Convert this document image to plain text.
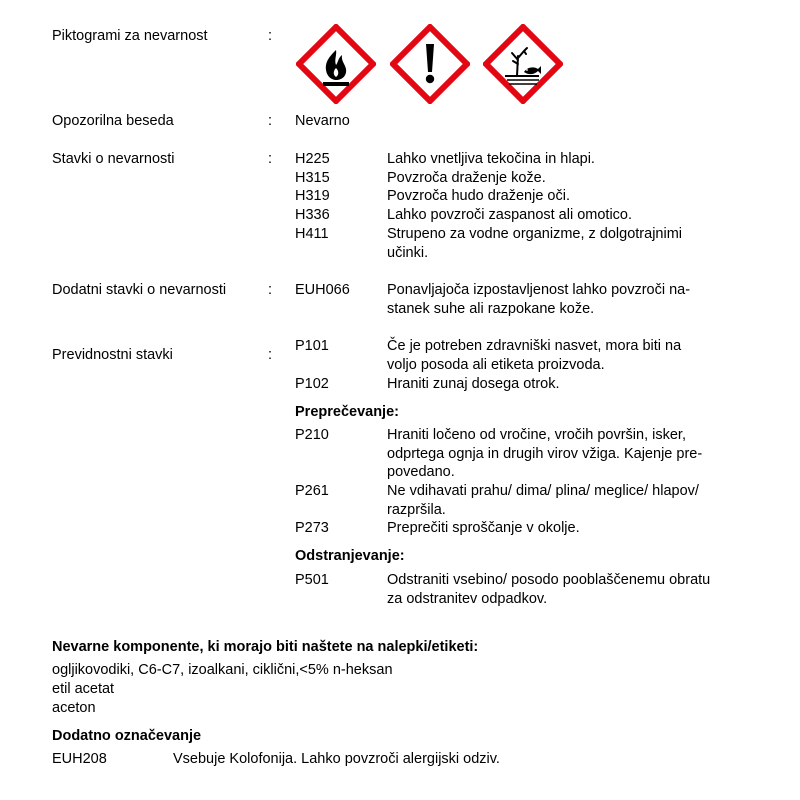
Piktogrami za nevarnost	:
Opozorilna beseda	: Nevarno
Stavki o nevarnosti	: H225	Lahko vnetljiva tekočina in hlapi.
H315	Povzroča draženje kože.
H319	Povzroča hudo draženje oči.
H336	Lahko povzroči zaspanost ali omotico.
H411	Strupeno za vodne organizme, z dolgotrajnimi
učinki.
Dodatni stavki o nevarnosti	: EUH066	Ponavljajoča izpostavljenost lahko povzroči na-
stanek suhe ali razpokane kože.
Previdnostni stavki	:
P101	Če je potreben zdravniški nasvet, mora biti na
voljo posoda ali etiketa proizvoda.
P102	Hraniti zunaj dosega otrok.
Preprečevanje:
P210	Hraniti ločeno od vročine, vročih površin, isker,
odprtega ognja in drugih virov vžiga. Kajenje pre-
povedano.
P261	Ne vdihavati prahu/ dima/ plina/ meglice/ hlapov/
razpršila.
P273	Preprečiti sproščanje v okolje.
Odstranjevanje:
P501	Odstraniti vsebino/ posodo pooblaščenemu obratu
za odstranitev odpadkov.
Nevarne komponente, ki morajo biti naštete na nalepki/etiketi:
ogljikovodiki, C6-C7, izoalkani, ciklični,<5% n-heksan
etil acetat
aceton
Dodatno označevanje
EUH208	Vsebuje Kolofonija. Lahko povzroči alergijski odziv.
